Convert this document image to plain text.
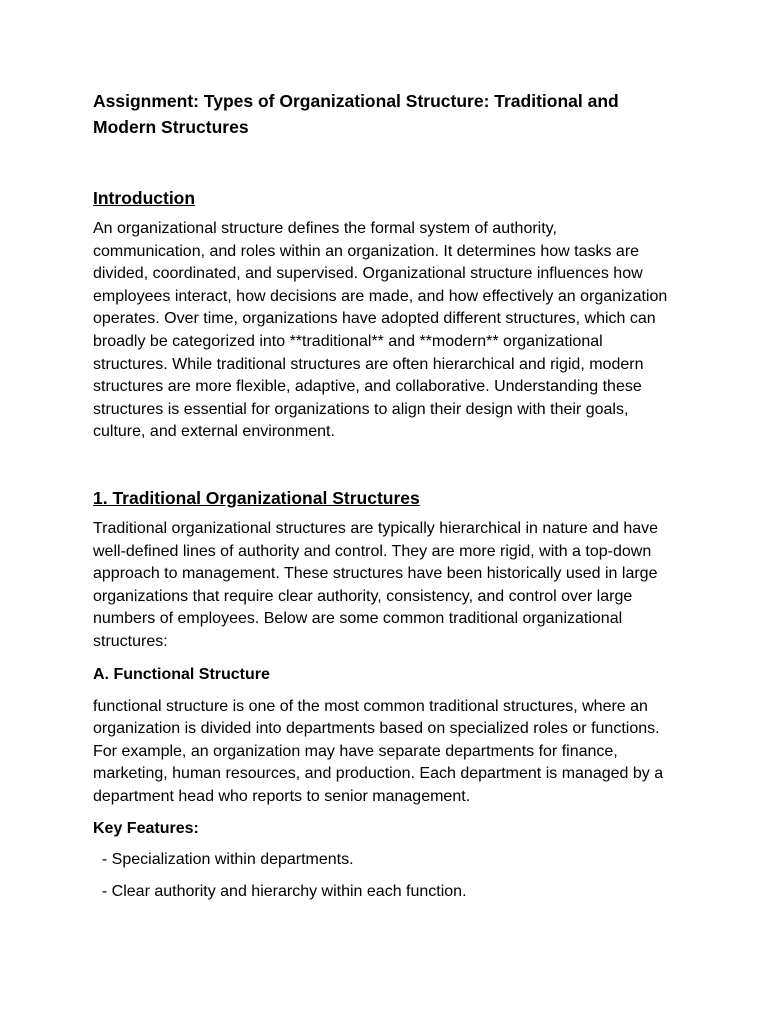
Assignment: Types of Organizational Structure: Traditional and Modern Structures
Introduction

An organizational structure defines the formal system of authority, communication, and roles within an organization. It determines how tasks are divided, coordinated, and supervised. Organizational structure influences how employees interact, how decisions are made, and how effectively an organization operates. Over time, organizations have adopted different structures, which can broadly be categorized into **traditional** and **modern** organizational structures. While traditional structures are often hierarchical and rigid, modern structures are more flexible, adaptive, and collaborative. Understanding these structures is essential for organizations to align their design with their goals, culture, and external environment.

1. Traditional Organizational Structures

Traditional organizational structures are typically hierarchical in nature and have well-defined lines of authority and control. They are more rigid, with a top-down approach to management. These structures have been historically used in large organizations that require clear authority, consistency, and control over large numbers of employees. Below are some common traditional organizational structures:

A. Functional Structure

functional structure is one of the most common traditional structures, where an organization is divided into departments based on specialized roles or functions. For example, an organization may have separate departments for finance, marketing, human resources, and production. Each department is managed by a department head who reports to senior management.

Key Features:

- Specialization within departments.

- Clear authority and hierarchy within each function.
